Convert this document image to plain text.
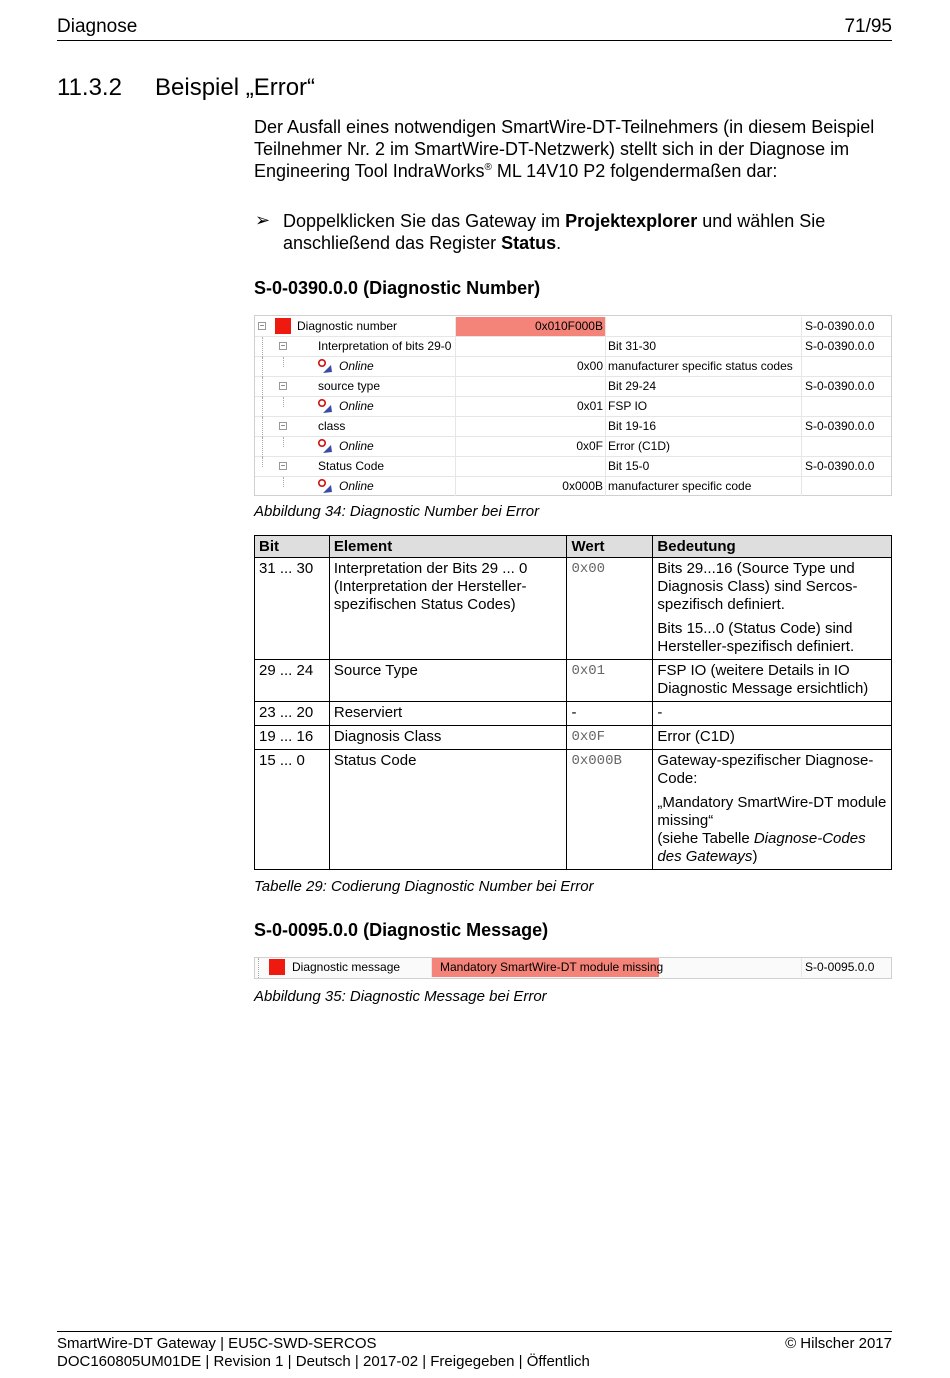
Diagnose	71/95
11.3.2 Beispiel „Error“

Der Ausfall eines notwendigen SmartWire-DT-Teilnehmers (in diesem Beispiel Teilnehmer Nr. 2 im SmartWire-DT-Netzwerk) stellt sich in der Diagnose im Engineering Tool IndraWorks® ML 14V10 P2 folgendermaßen dar:

➢ Doppelklicken Sie das Gateway im Projektexplorer und wählen Sie anschließend das Register Status.

S-0-0390.0.0 (Diagnostic Number)
−	Diagnostic number	0x010F000B	S-0-0390.0.0
−	Interpretation of bits 29-0	Bit 31-30	S-0-0390.0.0
Online	0x00 manufacturer specific status codes
−	source type	Bit 29-24	S-0-0390.0.0
Online	0x01 FSP IO
−	class	Bit 19-16	S-0-0390.0.0
Online	0x0F Error (C1D)
−	Status Code	Bit 15-0	S-0-0390.0.0
Online	0x000B manufacturer specific code
Abbildung 34: Diagnostic Number bei Error
Bit	Element	Wert	Bedeutung
31 ... 30	Interpretation der Bits 29 ... 0 (Interpretation der Hersteller-spezifischen Status Codes)	0x00	Bits 29...16 (Source Type und Diagnosis Class) sind Sercos-spezifisch definiert.

Bits 15...0 (Status Code) sind Hersteller-spezifisch definiert.

29 ... 24	Source Type	0x01	FSP IO (weitere Details in IO Diagnostic Message ersichtlich)
23 ... 20	Reserviert	-	-
19 ... 16	Diagnosis Class	0x0F	Error (C1D)
15 ... 0	Status Code	0x000B	Gateway-spezifischer Diagnose-Code:

„Mandatory SmartWire-DT module missing“

(siehe Tabelle Diagnose-Codes des Gateways)

Tabelle 29: Codierung Diagnostic Number bei Error
S-0-0095.0.0 (Diagnostic Message)
Diagnostic message	Mandatory SmartWire-DT module missing	S-0-0095.0.0
Abbildung 35: Diagnostic Message bei Error
SmartWire-DT Gateway | EU5C-SWD-SERCOS	© Hilscher 2017
DOC160805UM01DE | Revision 1 | Deutsch | 2017-02 | Freigegeben | Öffentlich
